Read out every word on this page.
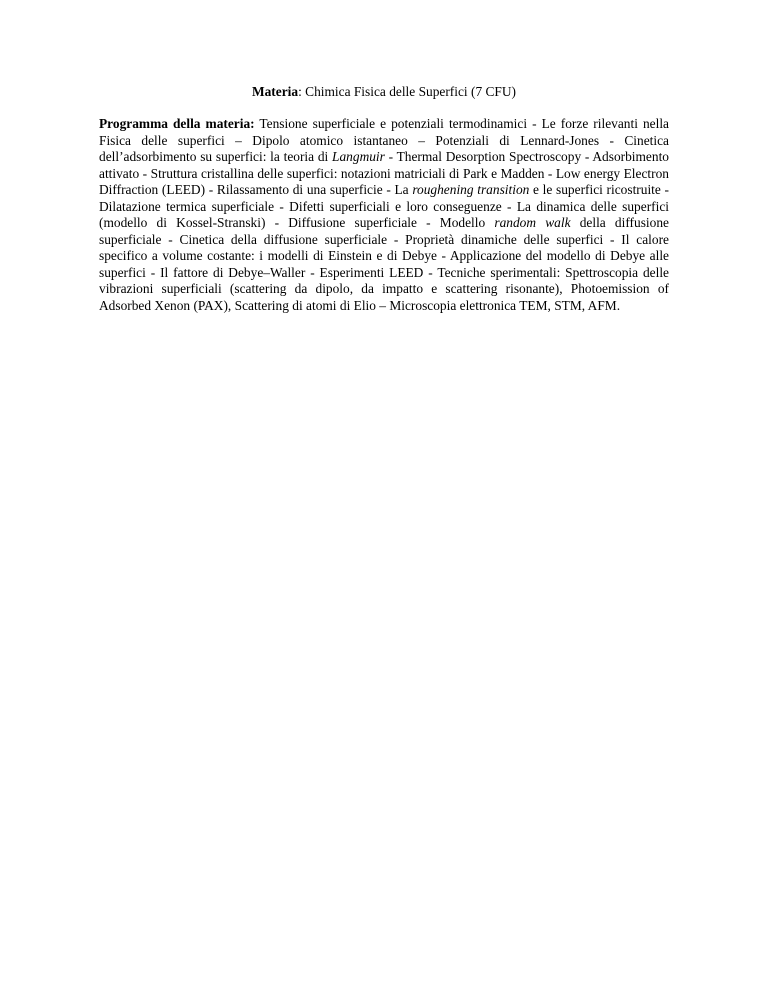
Materia: Chimica Fisica delle Superfici (7 CFU)
Programma della materia: Tensione superficiale e potenziali termodinamici - Le forze rilevanti nella Fisica delle superfici – Dipolo atomico istantaneo – Potenziali di Lennard-Jones - Cinetica dell’adsorbimento su superfici: la teoria di Langmuir - Thermal Desorption Spectroscopy - Adsorbimento attivato - Struttura cristallina delle superfici: notazioni matriciali di Park e Madden - Low energy Electron Diffraction (LEED) - Rilassamento di una superficie - La roughening transition e le superfici ricostruite - Dilatazione termica superficiale - Difetti superficiali e loro conseguenze - La dinamica delle superfici (modello di Kossel-Stranski) - Diffusione superficiale - Modello random walk della diffusione superficiale - Cinetica della diffusione superficiale - Proprietà dinamiche delle superfici - Il calore specifico a volume costante: i modelli di Einstein e di Debye - Applicazione del modello di Debye alle superfici - Il fattore di Debye–Waller - Esperimenti LEED - Tecniche sperimentali: Spettroscopia delle vibrazioni superficiali (scattering da dipolo, da impatto e scattering risonante), Photoemission of Adsorbed Xenon (PAX), Scattering di atomi di Elio – Microscopia elettronica TEM, STM, AFM.
